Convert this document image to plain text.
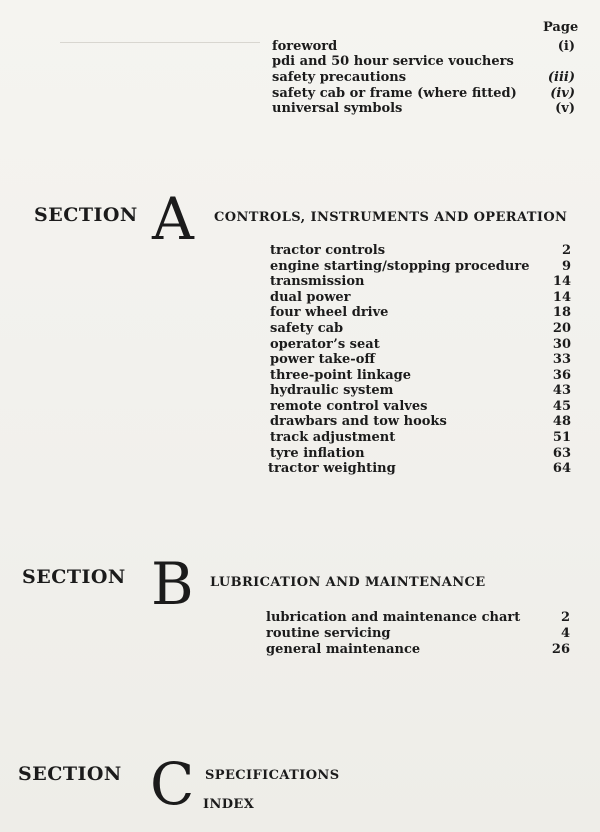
Page
foreword	(i)
pdi and 50 hour service vouchers
safety precautions	(iii)
safety cab or frame (where fitted)	(iv)
universal symbols	(v)
SECTION A CONTROLS, INSTRUMENTS AND OPERATION
tractor controls	2
engine starting/stopping procedure 9
transmission	14
dual power	14
four wheel drive	18
safety cab	20
operator’s seat	30
power take-off	33
three-point linkage	36
hydraulic system	43
remote control valves	45
drawbars and tow hooks	48
track adjustment	51
tyre inflation	63
tractor weighting	64
SECTION B LUBRICATION AND MAINTENANCE
lubrication and maintenance chart	2
routine servicing	4
general maintenance	26
SECTION C SPECIFICATIONS
INDEX
